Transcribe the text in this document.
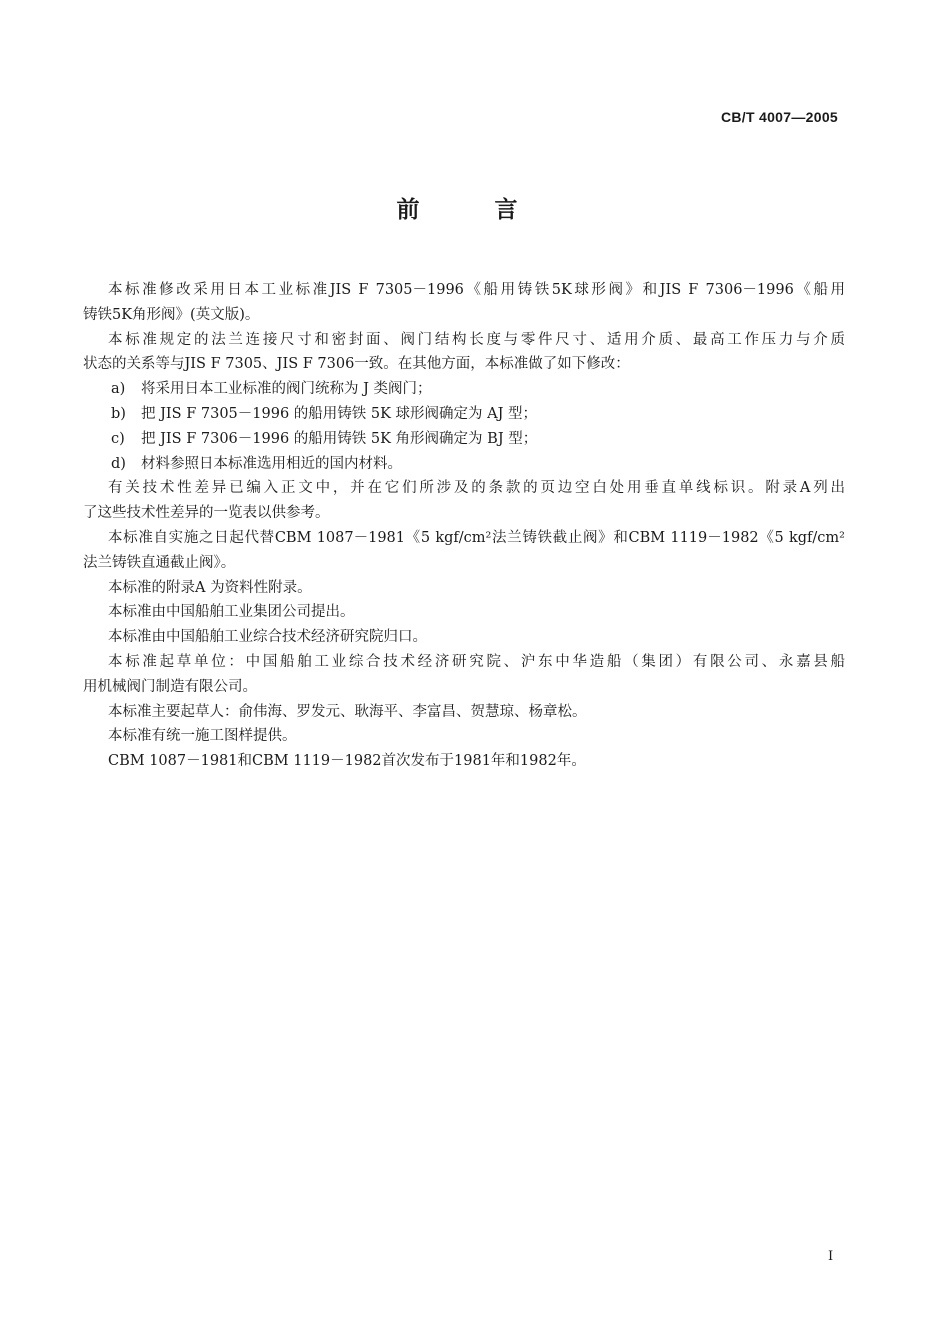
CB/T 4007—2005
前　言
本标准修改采用日本工业标准JIS F 7305－1996《船用铸铁5K球形阀》和JIS F 7306－1996《船用
铸铁5K角形阀》(英文版)。
本标准规定的法兰连接尺寸和密封面、阀门结构长度与零件尺寸、适用介质、最高工作压力与介质
状态的关系等与JIS F 7305、JIS F 7306一致。在其他方面，本标准做了如下修改：
a) 将采用日本工业标准的阀门统称为 J 类阀门；
b) 把 JIS F 7305－1996 的船用铸铁 5K 球形阀确定为 AJ 型；
c) 把 JIS F 7306－1996 的船用铸铁 5K 角形阀确定为 BJ 型；
d) 材料参照日本标准选用相近的国内材料。
有关技术性差异已编入正文中，并在它们所涉及的条款的页边空白处用垂直单线标识。附录A列出
了这些技术性差异的一览表以供参考。
本标准自实施之日起代替CBM 1087－1981《5 kgf/cm²法兰铸铁截止阀》和CBM 1119－1982《5 kgf/cm²
法兰铸铁直通截止阀》。
本标准的附录A 为资料性附录。
本标准由中国船舶工业集团公司提出。
本标准由中国船舶工业综合技术经济研究院归口。
本标准起草单位：中国船舶工业综合技术经济研究院、沪东中华造船（集团）有限公司、永嘉县船
用机械阀门制造有限公司。
本标准主要起草人：俞伟海、罗发元、耿海平、李富昌、贺慧琼、杨章松。
本标准有统一施工图样提供。
CBM 1087－1981和CBM 1119－1982首次发布于1981年和1982年。
I
